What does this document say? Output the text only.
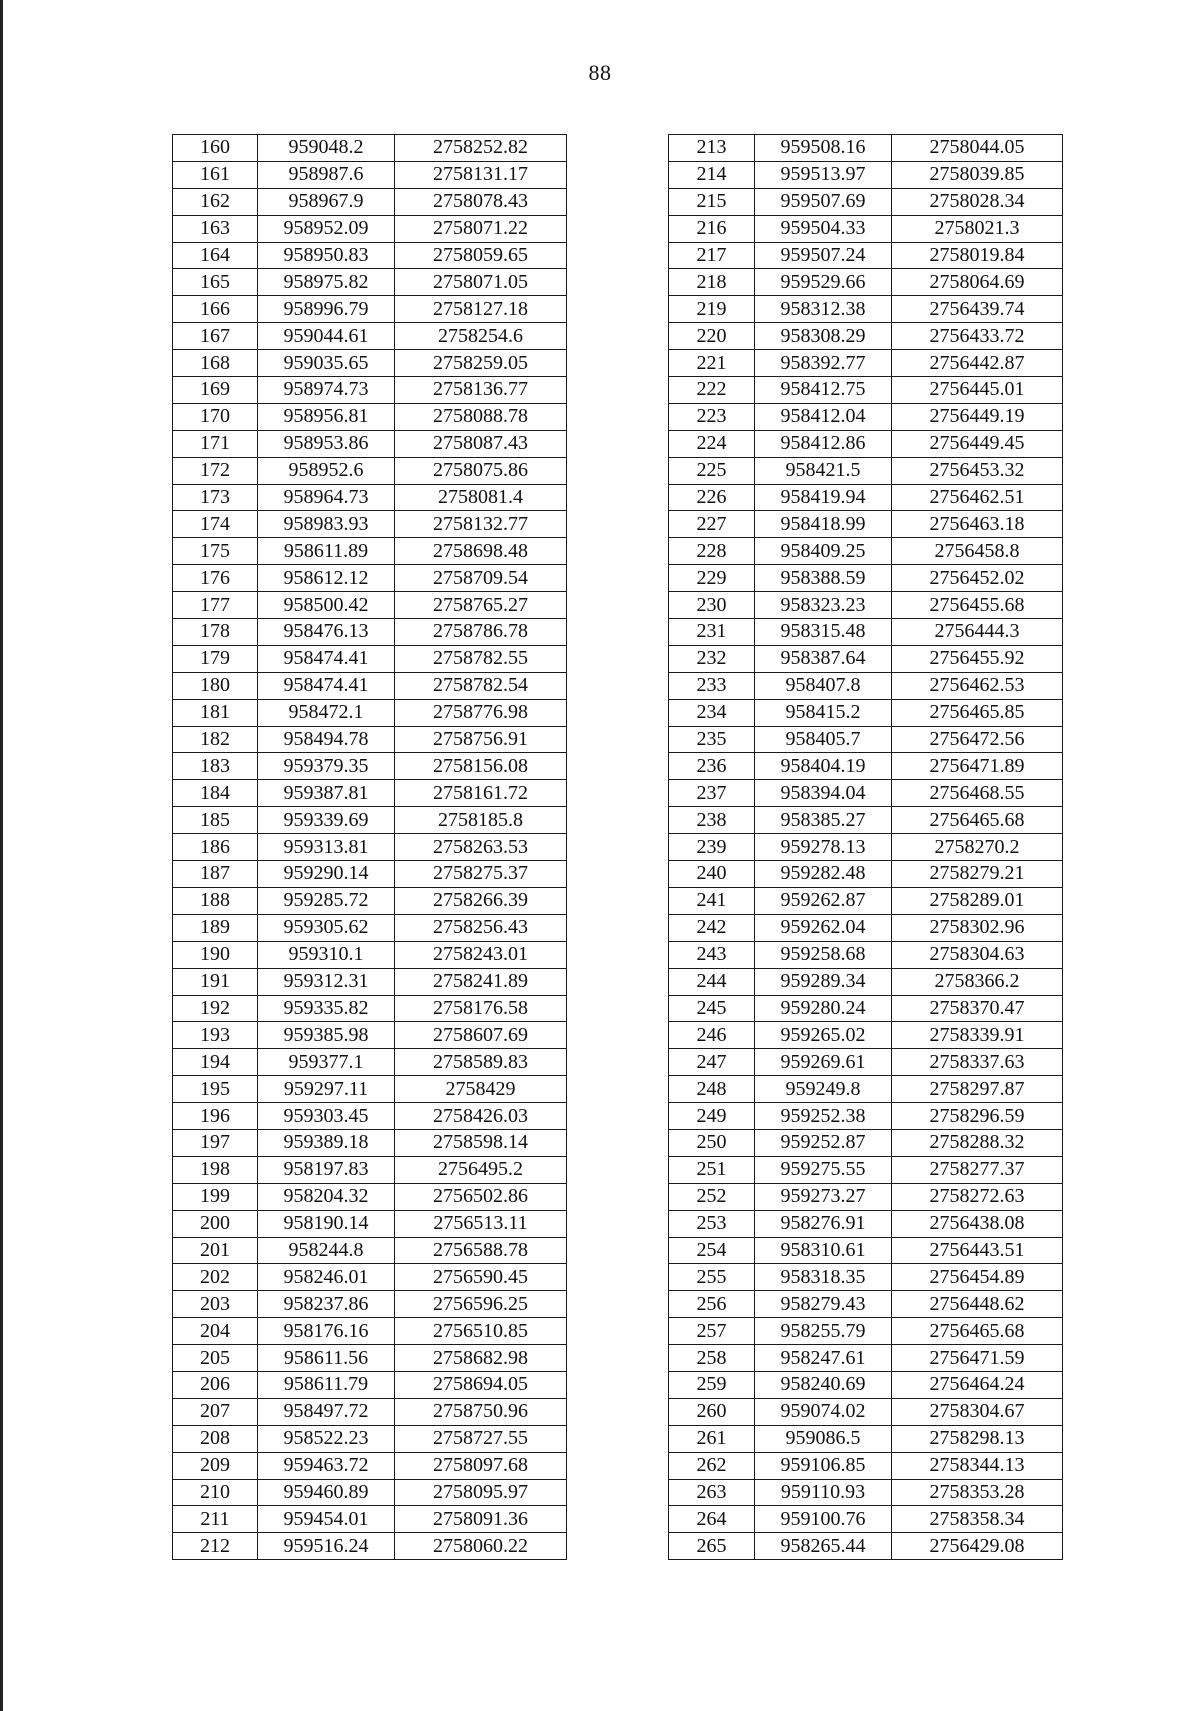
88
160	959048.2	2758252.82
161	958987.6	2758131.17
162	958967.9	2758078.43
163	958952.09	2758071.22
164	958950.83	2758059.65
165	958975.82	2758071.05
166	958996.79	2758127.18
167	959044.61	2758254.6
168	959035.65	2758259.05
169	958974.73	2758136.77
170	958956.81	2758088.78
171	958953.86	2758087.43
172	958952.6	2758075.86
173	958964.73	2758081.4
174	958983.93	2758132.77
175	958611.89	2758698.48
176	958612.12	2758709.54
177	958500.42	2758765.27
178	958476.13	2758786.78
179	958474.41	2758782.55
180	958474.41	2758782.54
181	958472.1	2758776.98
182	958494.78	2758756.91
183	959379.35	2758156.08
184	959387.81	2758161.72
185	959339.69	2758185.8
186	959313.81	2758263.53
187	959290.14	2758275.37
188	959285.72	2758266.39
189	959305.62	2758256.43
190	959310.1	2758243.01
191	959312.31	2758241.89
192	959335.82	2758176.58
193	959385.98	2758607.69
194	959377.1	2758589.83
195	959297.11	2758429
196	959303.45	2758426.03
197	959389.18	2758598.14
198	958197.83	2756495.2
199	958204.32	2756502.86
200	958190.14	2756513.11
201	958244.8	2756588.78
202	958246.01	2756590.45
203	958237.86	2756596.25
204	958176.16	2756510.85
205	958611.56	2758682.98
206	958611.79	2758694.05
207	958497.72	2758750.96
208	958522.23	2758727.55
209	959463.72	2758097.68
210	959460.89	2758095.97
211	959454.01	2758091.36
212	959516.24	2758060.22
213	959508.16	2758044.05
214	959513.97	2758039.85
215	959507.69	2758028.34
216	959504.33	2758021.3
217	959507.24	2758019.84
218	959529.66	2758064.69
219	958312.38	2756439.74
220	958308.29	2756433.72
221	958392.77	2756442.87
222	958412.75	2756445.01
223	958412.04	2756449.19
224	958412.86	2756449.45
225	958421.5	2756453.32
226	958419.94	2756462.51
227	958418.99	2756463.18
228	958409.25	2756458.8
229	958388.59	2756452.02
230	958323.23	2756455.68
231	958315.48	2756444.3
232	958387.64	2756455.92
233	958407.8	2756462.53
234	958415.2	2756465.85
235	958405.7	2756472.56
236	958404.19	2756471.89
237	958394.04	2756468.55
238	958385.27	2756465.68
239	959278.13	2758270.2
240	959282.48	2758279.21
241	959262.87	2758289.01
242	959262.04	2758302.96
243	959258.68	2758304.63
244	959289.34	2758366.2
245	959280.24	2758370.47
246	959265.02	2758339.91
247	959269.61	2758337.63
248	959249.8	2758297.87
249	959252.38	2758296.59
250	959252.87	2758288.32
251	959275.55	2758277.37
252	959273.27	2758272.63
253	958276.91	2756438.08
254	958310.61	2756443.51
255	958318.35	2756454.89
256	958279.43	2756448.62
257	958255.79	2756465.68
258	958247.61	2756471.59
259	958240.69	2756464.24
260	959074.02	2758304.67
261	959086.5	2758298.13
262	959106.85	2758344.13
263	959110.93	2758353.28
264	959100.76	2758358.34
265	958265.44	2756429.08
